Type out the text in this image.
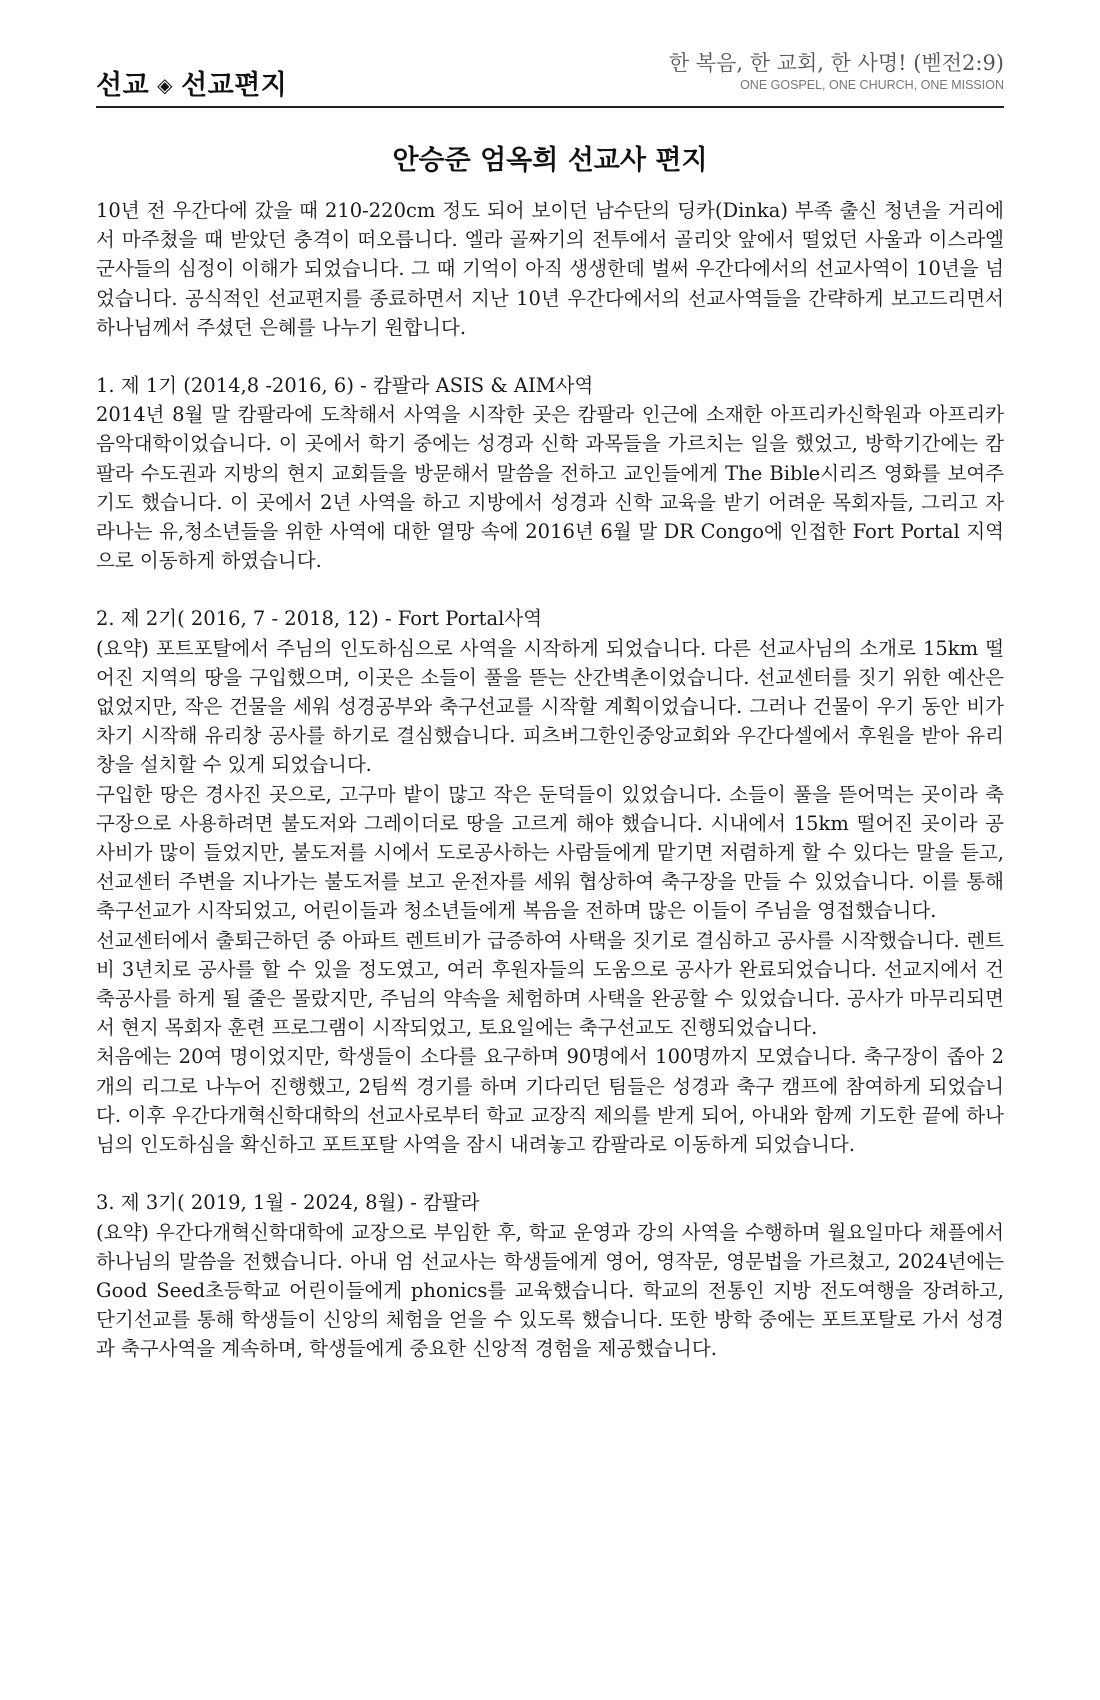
선교 ◈ 선교편지
한 복음, 한 교회, 한 사명! (벧전2:9)
ONE GOSPEL, ONE CHURCH, ONE MISSION
안승준 엄옥희 선교사 편지

10년 전 우간다에 갔을 때 210-220cm 정도 되어 보이던 남수단의 딩카(Dinka) 부족 출신 청년을 거리에서 마주쳤을 때 받았던 충격이 떠오릅니다. 엘라 골짜기의 전투에서 골리앗 앞에서 떨었던 사울과 이스라엘 군사들의 심정이 이해가 되었습니다. 그 때 기억이 아직 생생한데 벌써 우간다에서의 선교사역이 10년을 넘었습니다. 공식적인 선교편지를 종료하면서 지난 10년 우간다에서의 선교사역들을 간략하게 보고드리면서 하나님께서 주셨던 은혜를 나누기 원합니다.

1. 제 1기 (2014,8 -2016, 6) - 캄팔라 ASIS & AIM사역

2014년 8월 말 캄팔라에 도착해서 사역을 시작한 곳은 캄팔라 인근에 소재한 아프리카신학원과 아프리카음악대학이었습니다. 이 곳에서 학기 중에는 성경과 신학 과목들을 가르치는 일을 했었고, 방학기간에는 캄팔라 수도권과 지방의 현지 교회들을 방문해서 말씀을 전하고 교인들에게 The Bible시리즈 영화를 보여주기도 했습니다. 이 곳에서 2년 사역을 하고 지방에서 성경과 신학 교육을 받기 어려운 목회자들, 그리고 자라나는 유,청소년들을 위한 사역에 대한 열망 속에 2016년 6월 말 DR Congo에 인접한 Fort Portal 지역으로 이동하게 하였습니다.

2. 제 2기( 2016, 7 - 2018, 12) - Fort Portal사역

(요약) 포트포탈에서 주님의 인도하심으로 사역을 시작하게 되었습니다. 다른 선교사님의 소개로 15km 떨어진 지역의 땅을 구입했으며, 이곳은 소들이 풀을 뜯는 산간벽촌이었습니다. 선교센터를 짓기 위한 예산은 없었지만, 작은 건물을 세워 성경공부와 축구선교를 시작할 계획이었습니다. 그러나 건물이 우기 동안 비가 차기 시작해 유리창 공사를 하기로 결심했습니다. 피츠버그한인중앙교회와 우간다셀에서 후원을 받아 유리창을 설치할 수 있게 되었습니다.

구입한 땅은 경사진 곳으로, 고구마 밭이 많고 작은 둔덕들이 있었습니다. 소들이 풀을 뜯어먹는 곳이라 축구장으로 사용하려면 불도저와 그레이더로 땅을 고르게 해야 했습니다. 시내에서 15km 떨어진 곳이라 공사비가 많이 들었지만, 불도저를 시에서 도로공사하는 사람들에게 맡기면 저렴하게 할 수 있다는 말을 듣고, 선교센터 주변을 지나가는 불도저를 보고 운전자를 세워 협상하여 축구장을 만들 수 있었습니다. 이를 통해 축구선교가 시작되었고, 어린이들과 청소년들에게 복음을 전하며 많은 이들이 주님을 영접했습니다.

선교센터에서 출퇴근하던 중 아파트 렌트비가 급증하여 사택을 짓기로 결심하고 공사를 시작했습니다. 렌트비 3년치로 공사를 할 수 있을 정도였고, 여러 후원자들의 도움으로 공사가 완료되었습니다. 선교지에서 건축공사를 하게 될 줄은 몰랐지만, 주님의 약속을 체험하며 사택을 완공할 수 있었습니다. 공사가 마무리되면서 현지 목회자 훈련 프로그램이 시작되었고, 토요일에는 축구선교도 진행되었습니다.

처음에는 20여 명이었지만, 학생들이 소다를 요구하며 90명에서 100명까지 모였습니다. 축구장이 좁아 2개의 리그로 나누어 진행했고, 2팀씩 경기를 하며 기다리던 팀들은 성경과 축구 캠프에 참여하게 되었습니다. 이후 우간다개혁신학대학의 선교사로부터 학교 교장직 제의를 받게 되어, 아내와 함께 기도한 끝에 하나님의 인도하심을 확신하고 포트포탈 사역을 잠시 내려놓고 캄팔라로 이동하게 되었습니다.

3. 제 3기( 2019, 1월 - 2024, 8월) - 캄팔라

(요약) 우간다개혁신학대학에 교장으로 부임한 후, 학교 운영과 강의 사역을 수행하며 월요일마다 채플에서 하나님의 말씀을 전했습니다. 아내 엄 선교사는 학생들에게 영어, 영작문, 영문법을 가르쳤고, 2024년에는 Good Seed초등학교 어린이들에게 phonics를 교육했습니다. 학교의 전통인 지방 전도여행을 장려하고, 단기선교를 통해 학생들이 신앙의 체험을 얻을 수 있도록 했습니다. 또한 방학 중에는 포트포탈로 가서 성경과 축구사역을 계속하며, 학생들에게 중요한 신앙적 경험을 제공했습니다.
